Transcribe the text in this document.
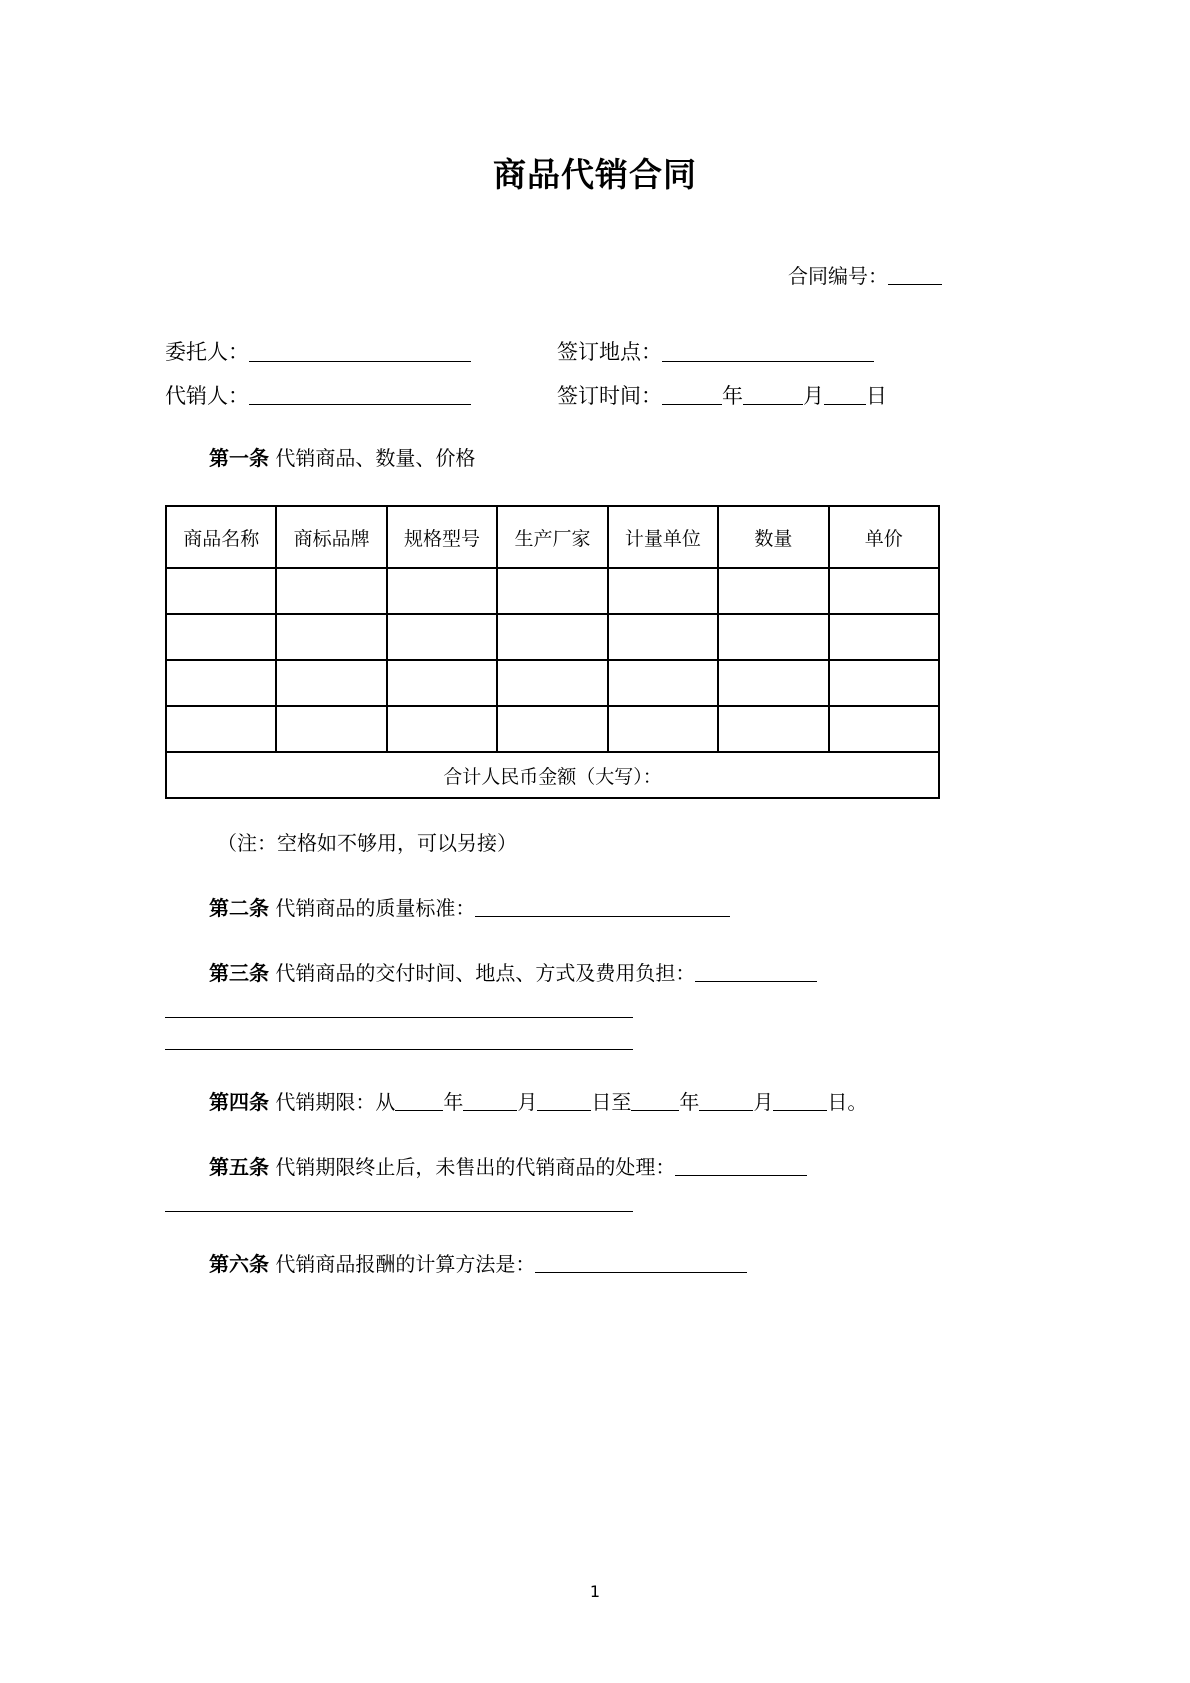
商品代销合同
合同编号：
委托人：	签订地点：
代销人：	签订时间：	年	月 日
第一条 代销商品、数量、价格
商品名称	商标品牌	规格型号	生产厂家	计量单位	数量	单价

合计人民币金额（大写）：						
（注：空格如不够用，可以另接）
第二条 代销商品的质量标准：
第三条 代销商品的交付时间、地点、方式及费用负担：
第四条 代销期限：从 年	月	日至 年	月	日。
第五条 代销期限终止后，未售出的代销商品的处理：
第六条 代销商品报酬的计算方法是：
1
